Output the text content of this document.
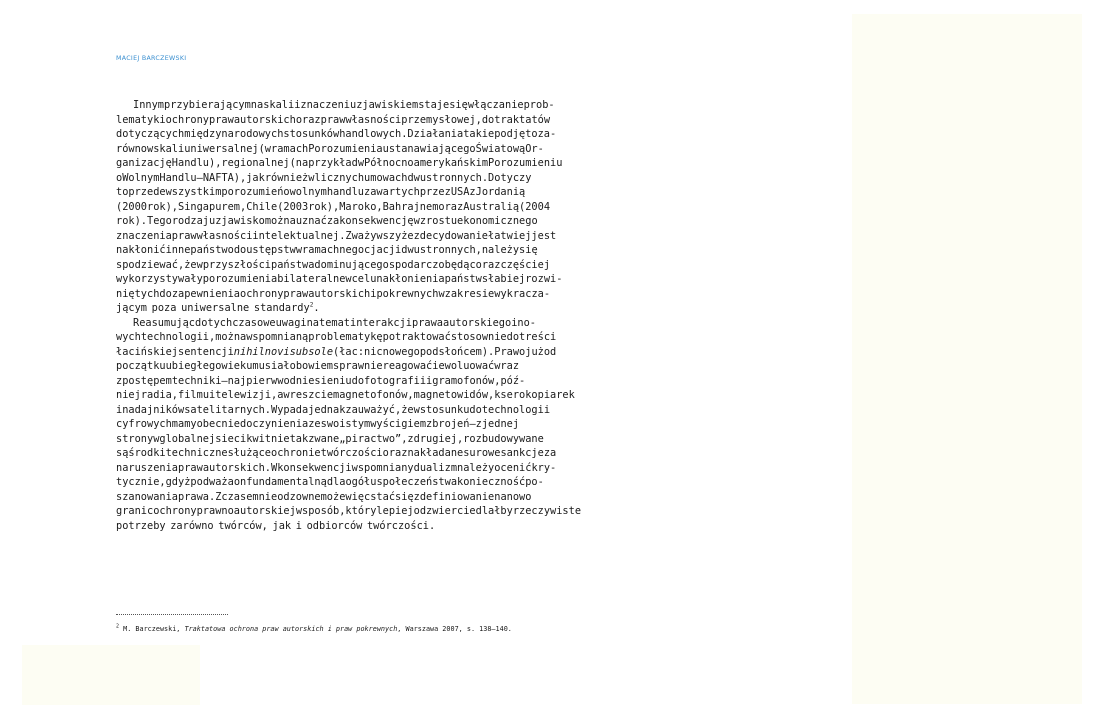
MACIEJ BARCZEWSKI
Innym przybierającym na skali i znaczeniu zjawiskiem staje się włączanie prob-
lematyki ochrony praw autorskich oraz praw własności przemysłowej, do traktatów
dotyczących międzynarodowych stosunków handlowych. Działania takie podjęto za-
równo w skali uniwersalnej (w ramach Porozumienia ustanawiającego Światową Or-
ganizację Handlu), regionalnej (na przykład w Północnoamerykańskim Porozumieniu
o Wolnym Handlu – NAFTA), jak również w licznych umowach dwustronnych. Dotyczy
to przede wszystkim porozumień o wolnym handlu zawartych przez USA z Jordanią
(2000 rok), Singapurem, Chile (2003 rok), Maroko, Bahrajnem oraz Australią (2004
rok). Tego rodzaju zjawisko można uznać za konsekwencję wzrostu ekonomicznego
znaczenia praw własności intelektualnej. Zważywszy że zdecydowanie łatwiej jest
nakłonić inne państwo do ustępstw w ramach negocjacji dwustronnych, należy się
spodziewać, że w przyszłości państwa dominujące gospodarczo będą coraz częściej
wykorzystywały porozumienia bilateralne w celu nakłonienia państw słabiej rozwi-
niętych do zapewnienia ochrony praw autorskich i pokrewnych w zakresie wykracza-
jącym poza uniwersalne standardy$^2$.
Reasumując dotychczasowe uwagi na temat interakcji prawa autorskiego i no-
wych technologii, można wspomnianą problematykę potraktować stosownie do treści
łacińskiej sentencji nihil novi sub sole (łac: nic nowego pod słońcem). Prawo już od
początku ubiegłego wieku musiało bowiem sprawnie reagować i ewoluować wraz
z postępem techniki – najpierw w odniesieniu do fotografii i gramofonów, póź-
niej radia, filmu i telewizji, a wreszcie magnetofonów, magnetowidów, kserokopiarek
i nadajników satelitarnych. Wypada jednak zauważyć, że w stosunku do technologii
cyfrowych mamy obecnie do czynienia ze swoistym wyścigiem zbrojeń – z jednej
strony w globalnej sieci kwitnie tak zwane „piractwo”, z drugiej, rozbudowywane
są środki techniczne służące ochronie twórczości oraz nakładane surowe sankcje za
naruszenia praw autorskich. W konsekwencji wspomniany dualizm należy ocenić kry-
tycznie, gdyż podważa on fundamentalną dla ogółu społeczeństwa konieczność po-
szanowania prawa. Z czasem nieodzowne może więc stać się zdefiniowanie na nowo
granic ochrony prawnoautorskiej w sposób, który lepiej odzwierciedlałby rzeczywiste
potrzeby zarówno twórców, jak i odbiorców twórczości.
$^2$ M. Barczewski, Traktatowa ochrona praw autorskich i praw pokrewnych, Warszawa 2007, s. 138–140.
